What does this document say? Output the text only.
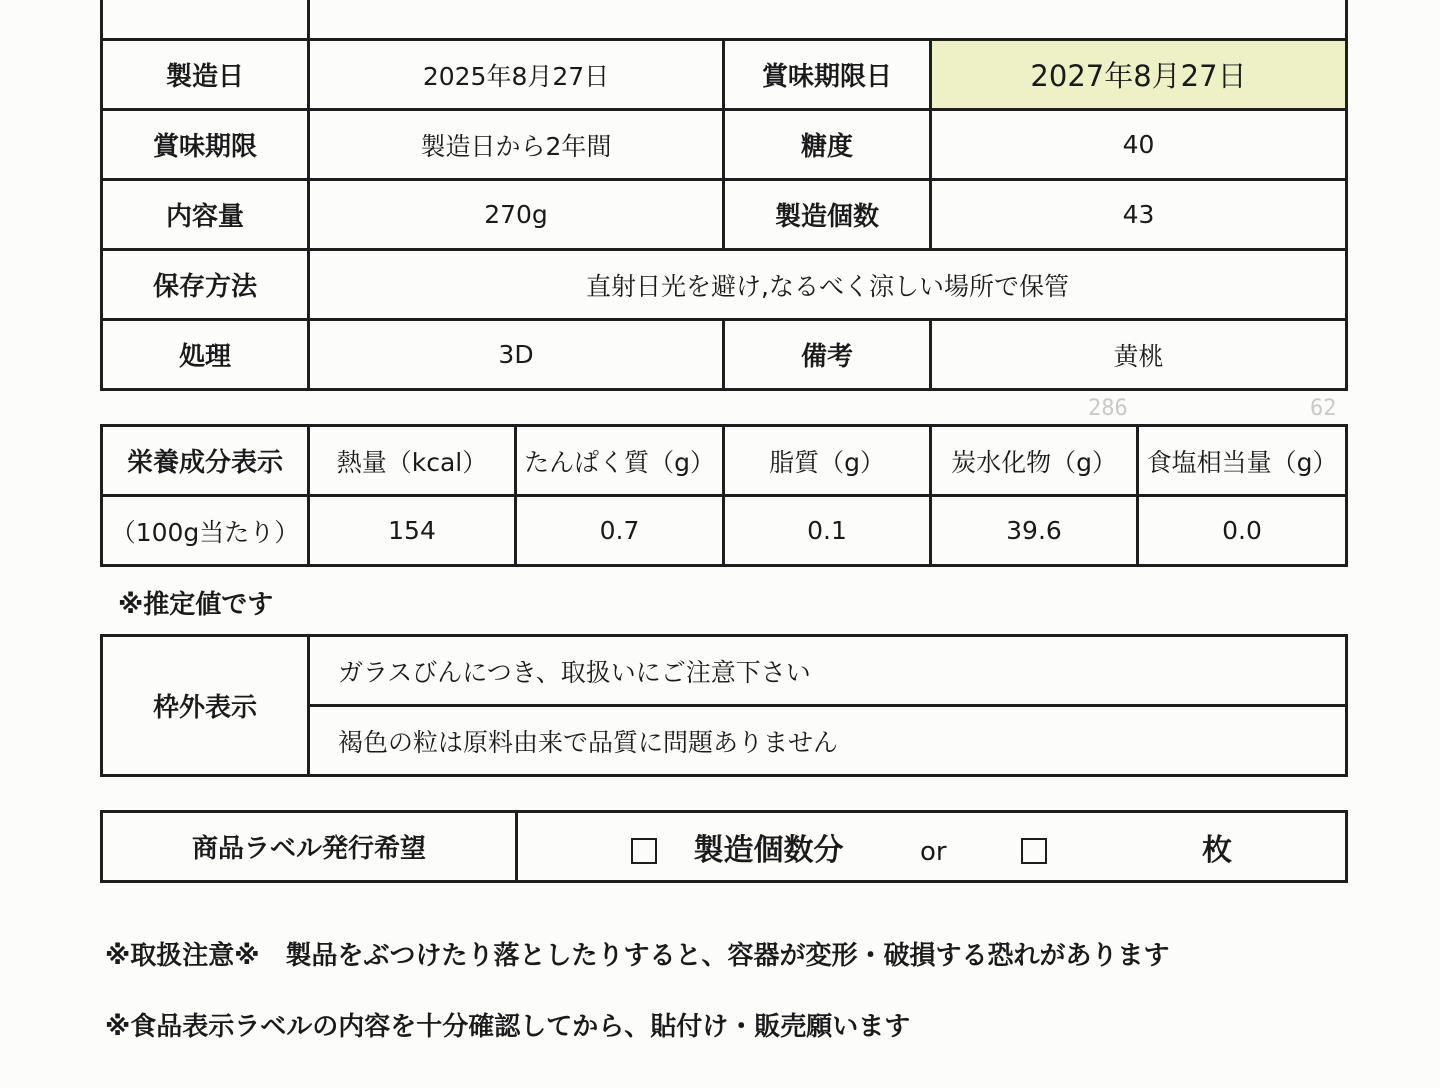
製造日	2025年8月27日	賞味期限日	2027年8月27日
賞味期限	製造日から2年間	糖度	40
内容量	270g	製造個数	43
保存方法	直射日光を避け,なるべく涼しい場所で保管		
処理	3D	備考	黄桃
286	62
栄養成分表示	熱量（kcal）	たんぱく質（g）	脂質（g）	炭水化物（g）	食塩相当量（g）
（100g当たり）	154	0.7	0.1	39.6	0.0
※推定値です
枠外表示	ガラスびんにつき、取扱いにご注意下さい
褐色の粒は原料由来で品質に問題ありません
商品ラベル発行希望	製造個数分	or	枚
※取扱注意※　製品をぶつけたり落としたりすると、容器が変形・破損する恐れがあります
※食品表示ラベルの内容を十分確認してから、貼付け・販売願います
